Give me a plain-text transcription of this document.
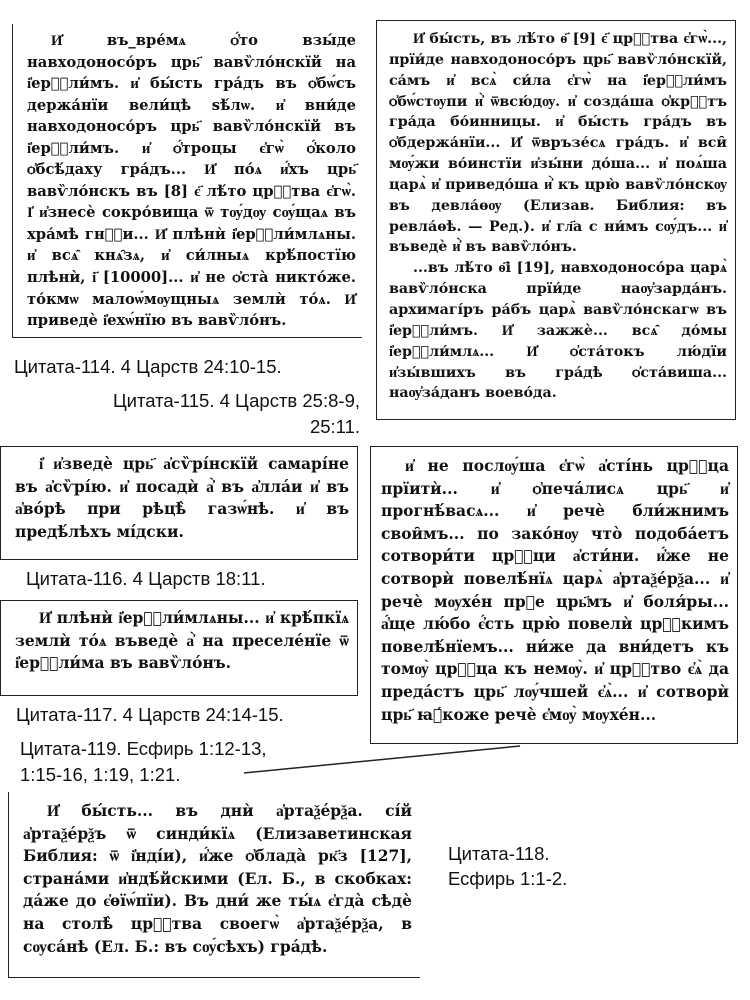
И҆ въ_вре́мѧ ѻ҆́то взы́де навходоносо́ръ црь҃ вавѷло́нскїй на і҆ерⷭ҇ли́мъ. и҆ бы́сть гра́дъ въ ѻ҆бѡ́съ держа́нїи вели́цѣ ѕѣ́лѡ. и҆ вни́де навходоносо́ръ црь҃ вавѷло́нскїй въ і҆ерⷭ҇ли́мъ. и҆ ѻ҆́троцы є҆гѡ̀ ѻ҆́коло ѻ҆бсѣ́даху гра́дъ... И҆ по́ѧ и҆́хъ црь҃ вавѷло́нскъ въ [8] є҃ лѣ́то црⷭ҇тва є҆гѡ̀. І҆ и҆знесѐ сокро́вища ѿ тѹ́дѹ сѹ́щаѧ въ хра́мѣ гнⷭ҇и... И҆ плѣнѝ і҆ерⷭ҇ли́млѧны. и҆ всѧ̑ кнѧ̑зѧ, и҆ си́лныѧ крѣ́постїю плѣнѝ, і҃ [10000]... и҆ не ѻ҆ста̀ никто́же. то́кмѡ малоѡ́мѹщныѧ землѝ то́ѧ. И҆ приведѐ і҆ехѡ́нїю въ вавѷло́нъ.

И҆ бы́сть, въ лѣ́то ѳ҃ [9] є҃ црⷭ҇тва є҆гѡ̀..., прїи́де навходоносо́ръ црь҃ вавѷло́нскїй, са́мъ и҆ всѧ̀ си́ла є҆гѡ̀ на і҆ерⷭ҇ли́мъ ѻ҆бѡ́стѹпи и҆̀ ѿвсю́дѹ. и҆ созда́ша ѻ҆крⷭ҇тъ гра́да бо́инницы. и҆ бы́сть гра́дъ въ ѻ҆бдержа́нїи... И҆ ѿвръзе́сѧ гра́дъ. и҆ вси̑ мѹ́жи во́инстїи и҆зы́ни до́ша... и҆ поѧ́ша царѧ̀ и҆ приведо́ша и҆̀ къ црю̀ вавѷло́нскѹ въ девла́ѳѹ (Елизав. Библия: въ ревла́ѳѣ. — Ред.). и҆ гл҃а с ни́мъ сѹ́дъ... и҆ въведѐ и҆̀ въ вавѷло́нъ.

...въ лѣ́то ѳ҃і [19], навходоносо́ра царѧ̀ вавѷло́нска прїи́де наѹ̓зарда́нъ. архимагі́ръ ра́бъ царѧ̀ вавѷло́нскагѡ въ і҆ерⷭ҇ли́мъ. И҆ зажжѐ... всѧ̑ до́мы і҆ерⷭ҇ли́млѧ... И҆ ѻ҆ста́токъ лю́дїи и҆зы́вшихъ въ гра́дѣ ѻ҆ста́виша... наѹ̓за́данъ воево́да.

Цитата-114. 4 Царств 24:10-15.
Цитата-115. 4 Царств 25:8-9,
25:11.

і҆ и҆зведѐ црь҃ а҆сѷрі́нскїй самарі́не въ а҆сѷрі́ю. и҆ посадѝ а҆̀ въ а҆лла́и и҆ въ а҆во́рѣ при рѣцѣ̀ газѡ́нѣ. и҆ въ предѣ́лѣхъ мі́дски.

Цитата-116. 4 Царств 18:11.

И҆ плѣнѝ і҆ерⷭ҇ли́млѧны... и҆ крѣ́пкїѧ землѝ то́ѧ въведѐ а҆̀ на преселе́нїе ѿ і҆ерⷭ҇ли́ма въ вавѷло́нъ.

Цитата-117. 4 Царств 24:14-15.

и҆ не послѹ́ша є҆гѡ̀ а҆сті́нь црⷭ҇ца прїитѝ... и҆ ѻ҆печа́лисѧ црь҃ и҆ прогнѣ́васѧ... и҆ речѐ бли́жнимъ свои̑мъ... по зако́нѹ что̀ подоба́етъ сотвори́ти црⷭ҇ци а҆сти́ни. и҆́же не сотворѝ повелѣ́нїѧ царѧ̀ а҆ртаѯе́рѯа... и҆ речѐ мѹхе́н прⷣе црь҃мъ и҆ боля́ры... а҆́ще лю́бо є҆́сть црю̀ повелѝ црⷭ҇кимъ повелѣ́нїемъ... ни́же да вни́детъ къ томѹ̀ црⷭ҇ца къ немѹ̀. и҆ црⷭ҇тво є҆ѧ̀ да преда́стъ црь҃ лѹ́чшей є҆ѧ̀... и҆ сотворѝ црь҃ ꙗ҆́коже речѐ є҆мѹ̀ мѹхе́н...

Цитата-119. Есфирь 1:12-13,
1:15-16, 1:19, 1:21.

И҆ бы́сть... въ днѝ а҆ртаѯе́рѯа. сі́й а҆ртаѯе́рѯъ ѿ синди́кїѧ (Елизаветинская Библия: ѿ і҆нді́и), и҆́же ѻ҆блада̀ рк҃з [127], страна́ми и҆ндѣ́йскими (Ел. Б., в скобках: да́же до є҆ѳїѡ́пїи). Въ дни́ же ты́ѧ є҆гда̀ сѣдѐ на столѣ̀ црⷭ҇тва своегѡ̀ а҆ртаѯе́рѯа, в сѹса́нѣ (Ел. Б.: въ сѹ́сѣхъ) гра́дѣ.

Цитата-118.
Есфирь 1:1-2.
